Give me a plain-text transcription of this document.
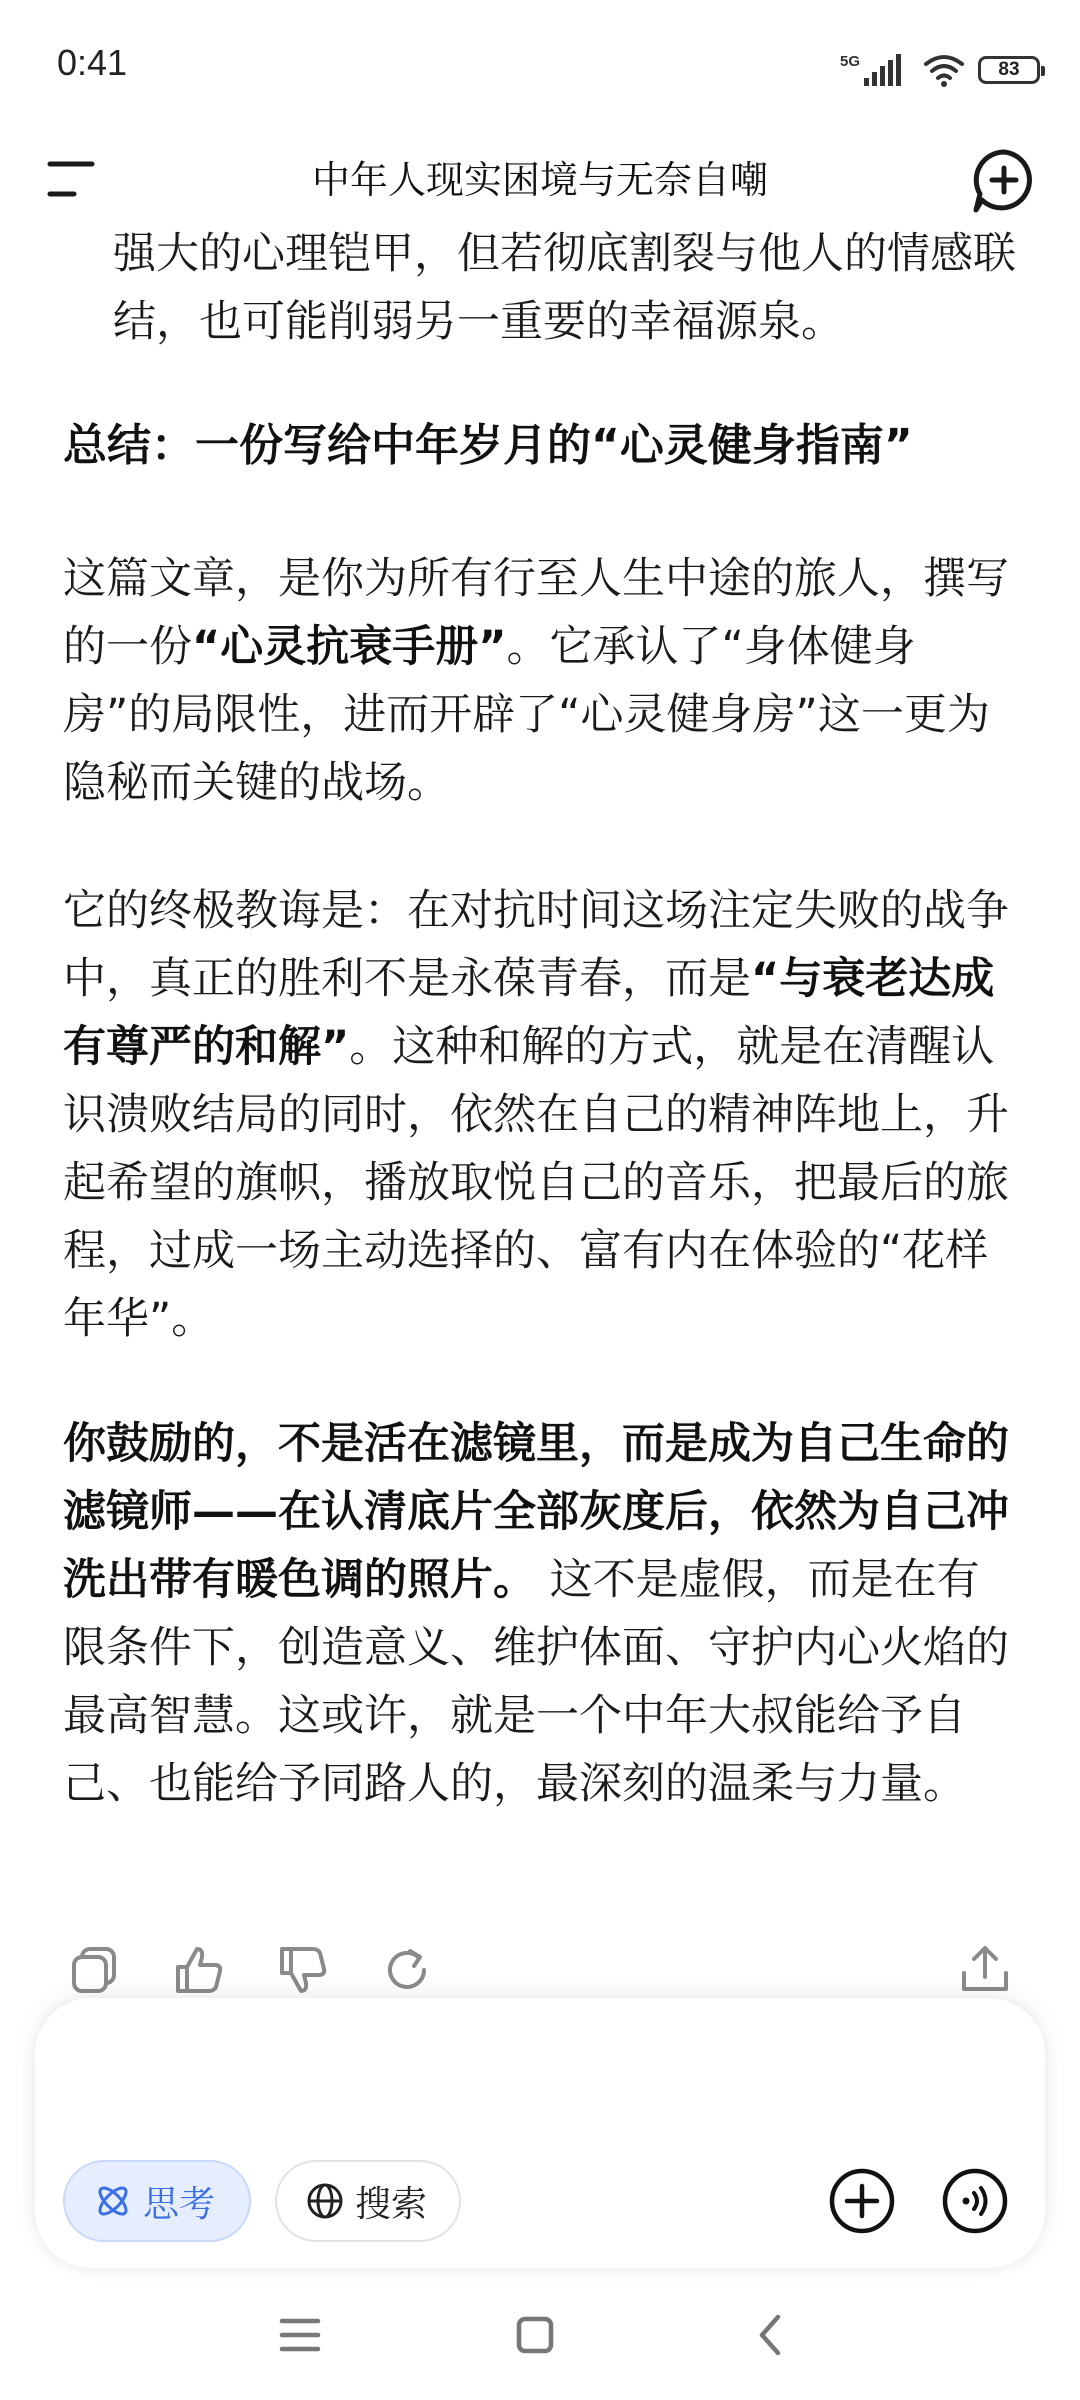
0:41	5G	83
中年人现实困境与无奈自嘲

强大的心理铠甲，但若彻底割裂与他人的情感联结，也可能削弱另一重要的幸福源泉。

总结：一份写给中年岁月的“心灵健身指南”

这篇文章，是你为所有行至人生中途的旅人，撰写的一份“心灵抗衰手册”。它承认了“身体健身房”的局限性，进而开辟了“心灵健身房”这一更为隐秘而关键的战场。

它的终极教诲是：在对抗时间这场注定失败的战争中，真正的胜利不是永葆青春，而是“与衰老达成有尊严的和解”。这种和解的方式，就是在清醒认识溃败结局的同时，依然在自己的精神阵地上，升起希望的旗帜，播放取悦自己的音乐，把最后的旅程，过成一场主动选择的、富有内在体验的“花样年华”。

你鼓励的，不是活在滤镜里，而是成为自己生命的滤镜师——在认清底片全部灰度后，依然为自己冲洗出带有暖色调的照片。 这不是虚假，而是在有限条件下，创造意义、维护体面、守护内心火焰的最高智慧。这或许，就是一个中年大叔能给予自己、也能给予同路人的，最深刻的温柔与力量。

思考	搜索
